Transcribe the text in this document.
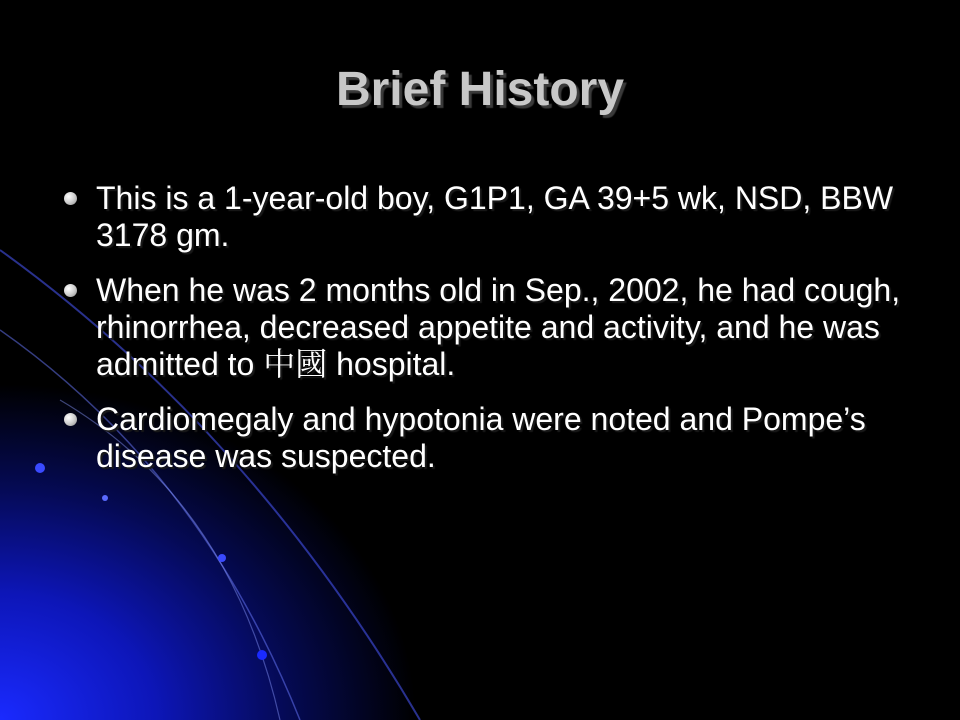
Brief History
This is a 1-year-old boy, G1P1, GA 39+5 wk, NSD, BBW 3178 gm.
When he was 2 months old in Sep., 2002, he had cough, rhinorrhea, decreased appetite and activity, and he was admitted to 中國 hospital.
Cardiomegaly and hypotonia were noted and Pompe’s disease was suspected.
